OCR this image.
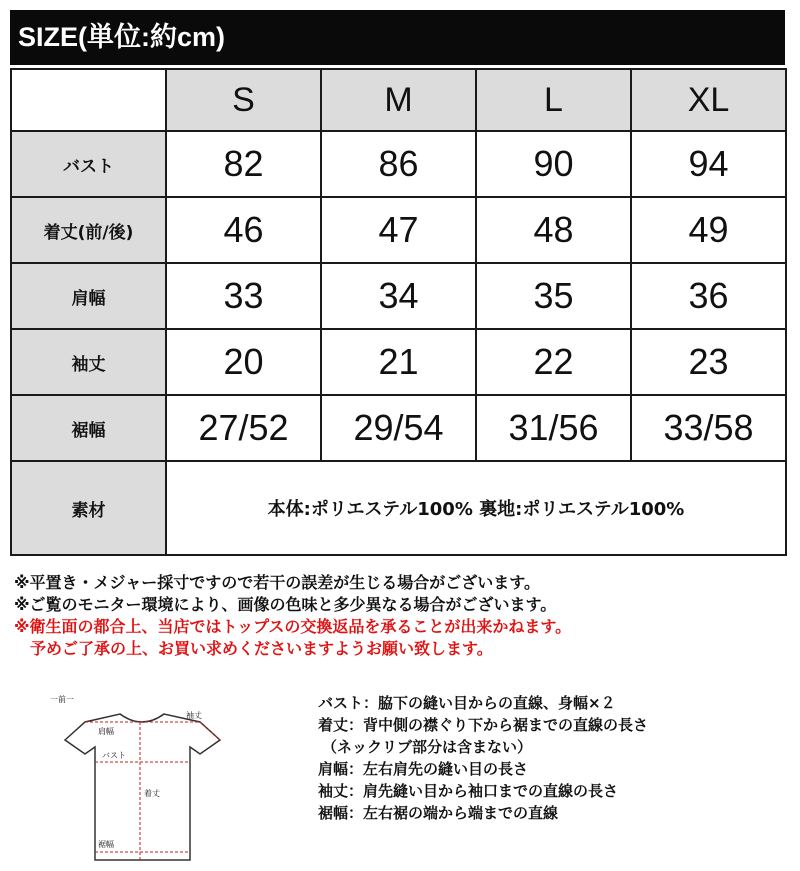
SIZE(単位:約cm)
	S	M	L	XL
バスト	82	86	90	94
着丈(前/後)	46	47	48	49
肩幅	33	34	35	36
袖丈	20	21	22	23
裾幅	27/52	29/54	31/56	33/58
素材	本体:ポリエステル100% 裏地:ポリエステル100%			
※平置き・メジャー採寸ですので若干の誤差が生じる場合がございます。
※ご覧のモニター環境により、画像の色味と多少異なる場合がございます。
※衛生面の都合上、当店ではトップスの交換返品を承ることが出来かねます。
予めご了承の上、お買い求めくださいますようお願い致します。
一前一
肩幅
袖丈
バスト
着丈
裾幅
バスト：脇下の縫い目からの直線、身幅×２
着丈：背中側の襟ぐり下から裾までの直線の長さ
（ネックリブ部分は含まない）
肩幅：左右肩先の縫い目の長さ
袖丈：肩先縫い目から袖口までの直線の長さ
裾幅：左右裾の端から端までの直線
